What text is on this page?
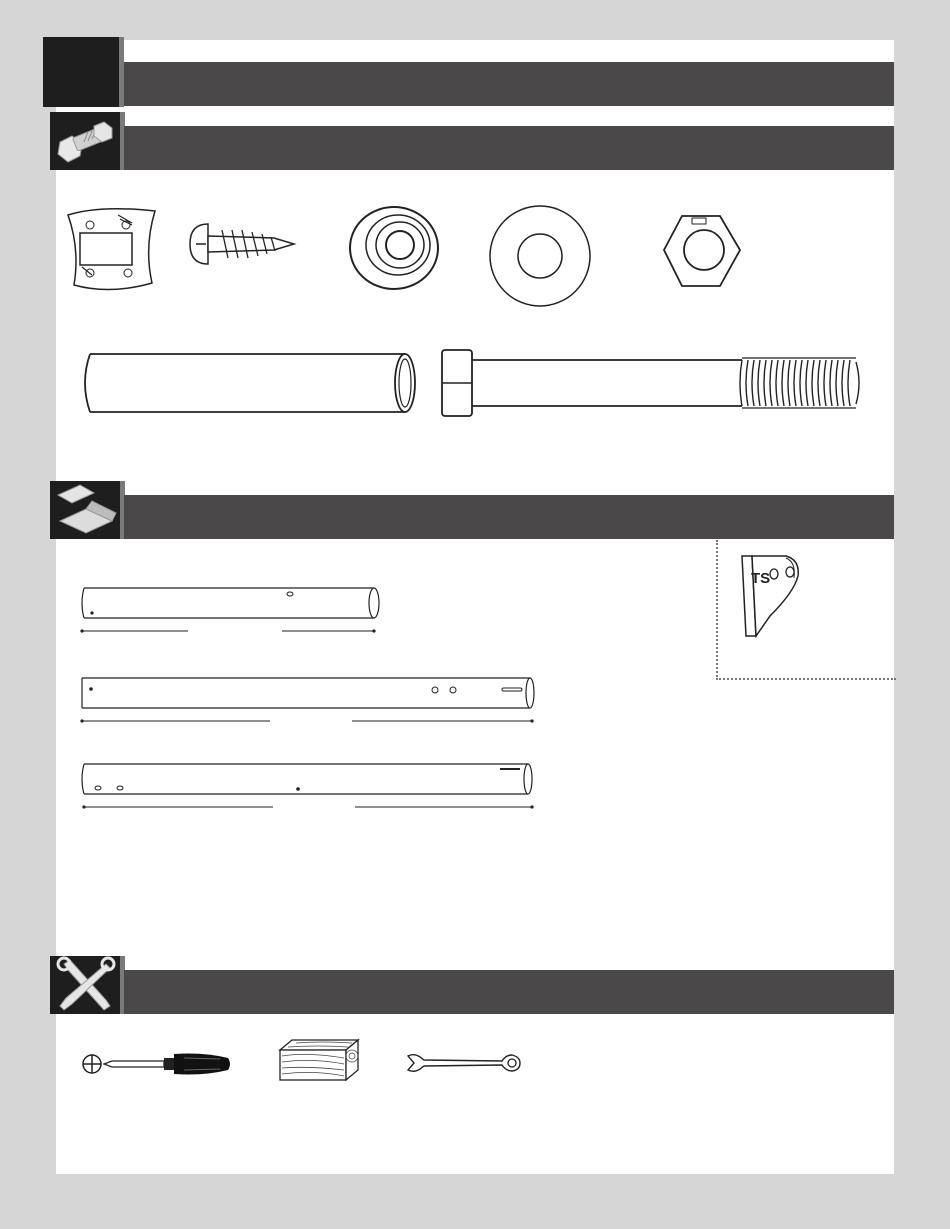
TS
